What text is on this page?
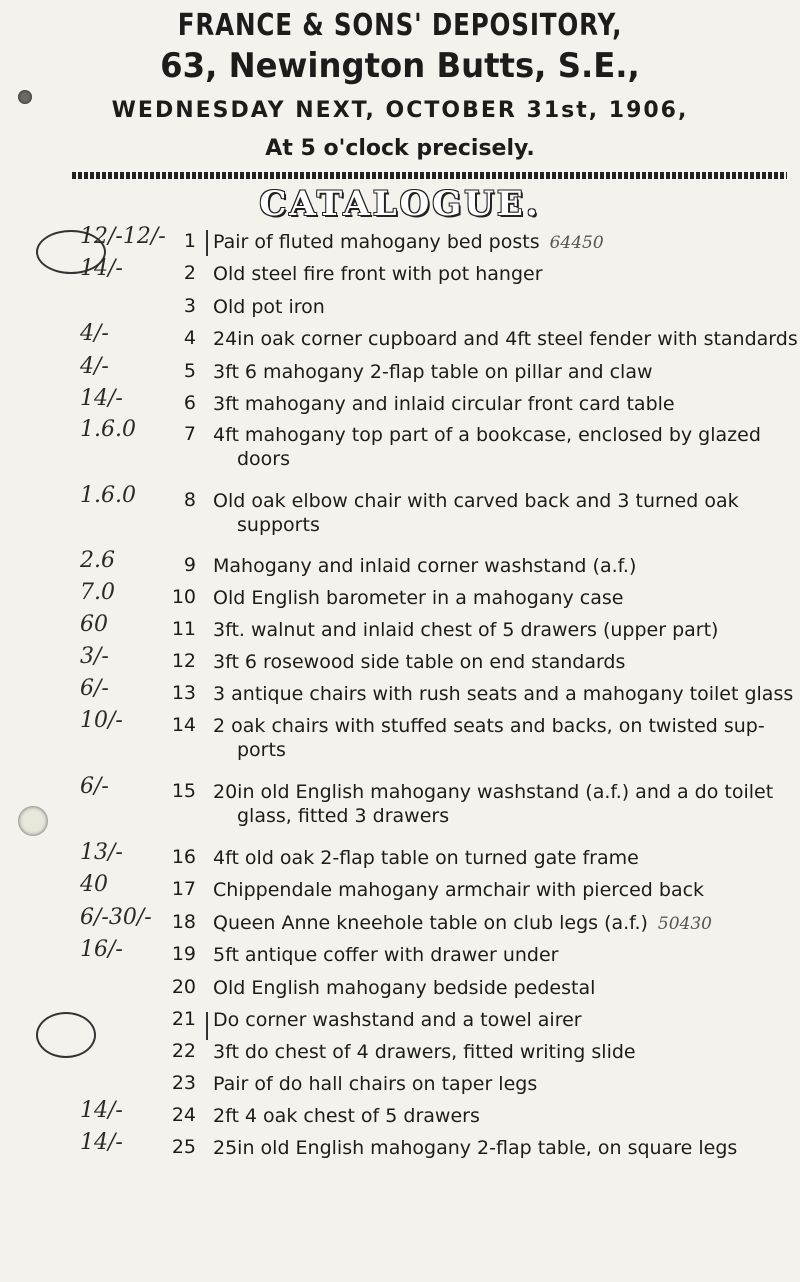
FRANCE & SONS' DEPOSITORY,
63, Newington Butts, S.E.,
WEDNESDAY NEXT, OCTOBER 31st, 1906,
At 5 o'clock precisely.
CATALOGUE.
12/-12/- 1 Pair of fluted mahogany bed posts 64450
14/-	2 Old steel fire front with pot hanger
3 Old pot iron
4/-	4 24in oak corner cupboard and 4ft steel fender with standards
4/-	5 3ft 6 mahogany 2-flap table on pillar and claw
14/-	6 3ft mahogany and inlaid circular front card table
1.6.0	7 4ft mahogany top part of a bookcase, enclosed by glazed
doors
1.6.0	8 Old oak elbow chair with carved back and 3 turned oak
supports
2.6	9 Mahogany and inlaid corner washstand (a.f.)
7.0	10 Old English barometer in a mahogany case
60	11 3ft. walnut and inlaid chest of 5 drawers (upper part)
3/-	12 3ft 6 rosewood side table on end standards
6/-	13 3 antique chairs with rush seats and a mahogany toilet glass
10/-	14 2 oak chairs with stuffed seats and backs, on twisted sup-
ports
6/-	15 20in old English mahogany washstand (a.f.) and a do toilet
glass, fitted 3 drawers
13/-	16 4ft old oak 2-flap table on turned gate frame
40	17 Chippendale mahogany armchair with pierced back
6/-30/-	18 Queen Anne kneehole table on club legs (a.f.) 50430
16/-	19 5ft antique coffer with drawer under
20 Old English mahogany bedside pedestal
21 Do corner washstand and a towel airer
22 3ft do chest of 4 drawers, fitted writing slide
23 Pair of do hall chairs on taper legs
14/-	24 2ft 4 oak chest of 5 drawers
14/-	25 25in old English mahogany 2-flap table, on square legs
